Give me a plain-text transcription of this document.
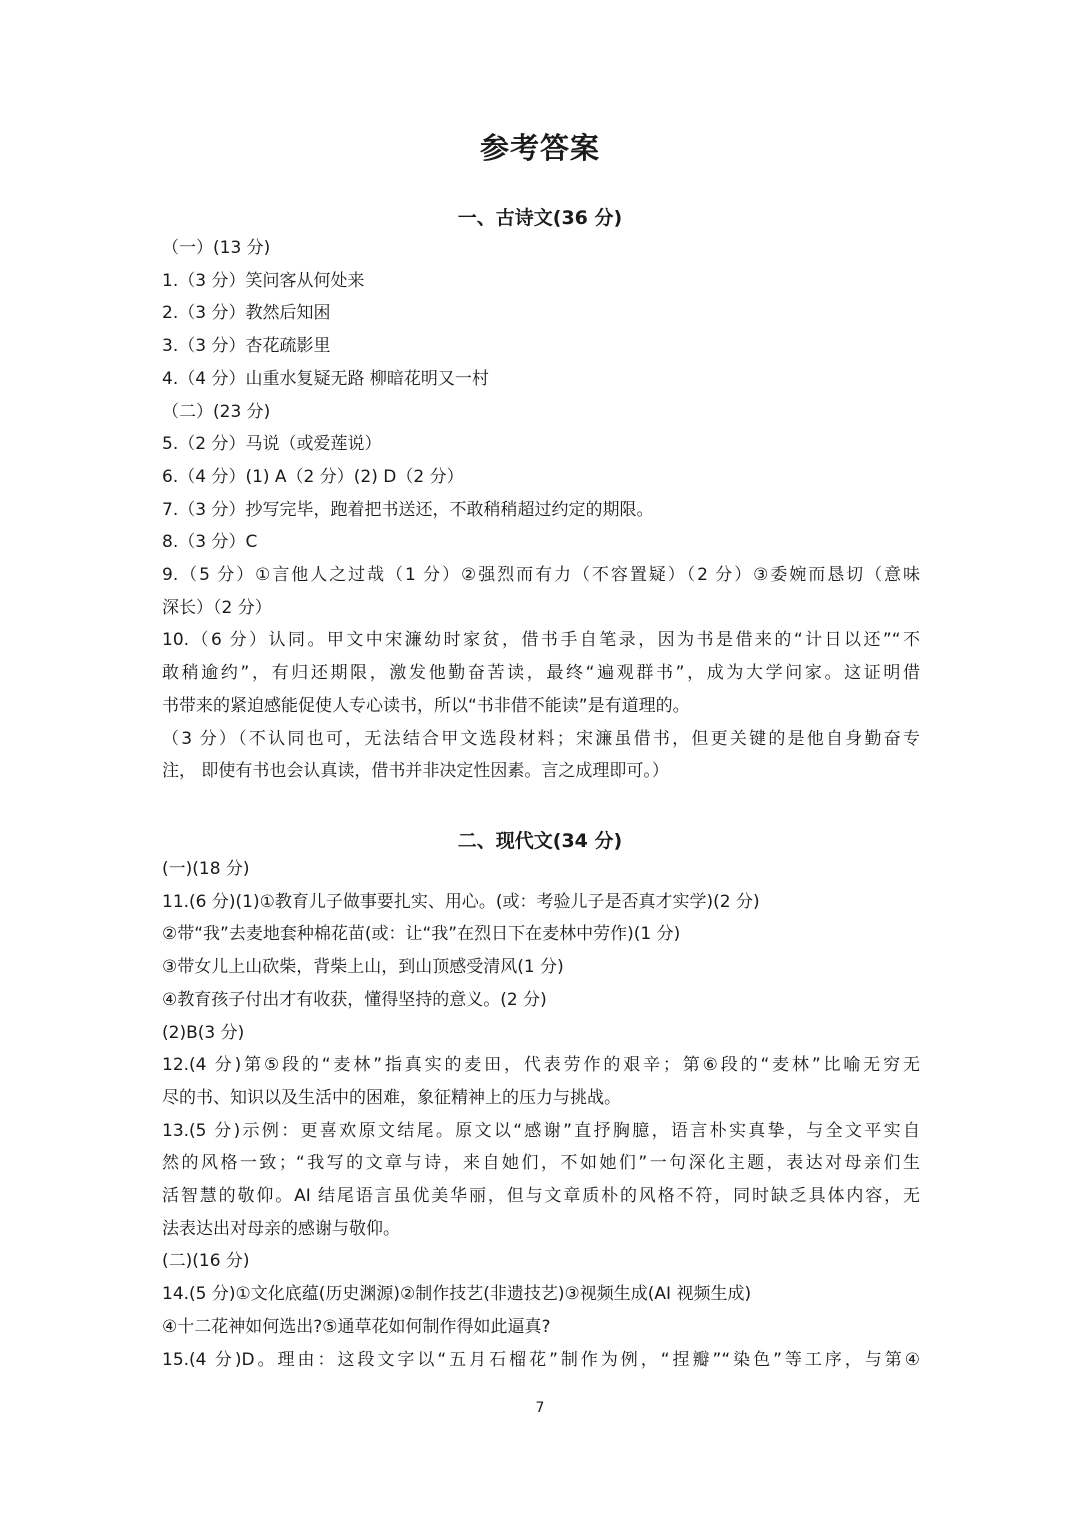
参考答案
一、古诗文(36 分)
（一）(13 分)
1.（3 分）笑问客从何处来
2.（3 分）教然后知困
3.（3 分）杏花疏影里
4.（4 分）山重水复疑无路 柳暗花明又一村
（二）(23 分)
5.（2 分）马说（或爱莲说）
6.（4 分）(1) A（2 分）(2) D（2 分）
7.（3 分）抄写完毕，跑着把书送还，不敢稍稍超过约定的期限。
8.（3 分）C
9.（5 分）①言他人之过哉（1 分）②强烈而有力（不容置疑）（2 分）③委婉而恳切（意味
深长）（2 分）
10.（6 分）认同。甲文中宋濂幼时家贫，借书手自笔录，因为书是借来的“计日以还”“不
敢稍逾约”，有归还期限，激发他勤奋苦读，最终“遍观群书”，成为大学问家。这证明借
书带来的紧迫感能促使人专心读书，所以“书非借不能读”是有道理的。
（3 分）（不认同也可，无法结合甲文选段材料；宋濂虽借书，但更关键的是他自身勤奋专
注， 即使有书也会认真读，借书并非决定性因素。言之成理即可。）
二、现代文(34 分)
(一)(18 分)
11.(6 分)(1)①教育儿子做事要扎实、用心。(或：考验儿子是否真才实学)(2 分)
②带“我”去麦地套种棉花苗(或：让“我”在烈日下在麦林中劳作)(1 分)
③带女儿上山砍柴，背柴上山，到山顶感受清风(1 分)
④教育孩子付出才有收获，懂得坚持的意义。(2 分)
(2)B(3 分)
12.(4 分)第⑤段的“麦林”指真实的麦田，代表劳作的艰辛；第⑥段的“麦林”比喻无穷无
尽的书、知识以及生活中的困难，象征精神上的压力与挑战。
13.(5 分)示例：更喜欢原文结尾。原文以“感谢”直抒胸臆，语言朴实真挚，与全文平实自
然的风格一致；“我写的文章与诗，来自她们，不如她们”一句深化主题，表达对母亲们生
活智慧的敬仰。AI 结尾语言虽优美华丽，但与文章质朴的风格不符，同时缺乏具体内容，无
法表达出对母亲的感谢与敬仰。
(二)(16 分)
14.(5 分)①文化底蕴(历史渊源)②制作技艺(非遗技艺)③视频生成(AI 视频生成)
④十二花神如何选出?⑤通草花如何制作得如此逼真?
15.(4 分)D。理由：这段文字以“五月石榴花”制作为例，“捏瓣”“染色”等工序，与第④
7
